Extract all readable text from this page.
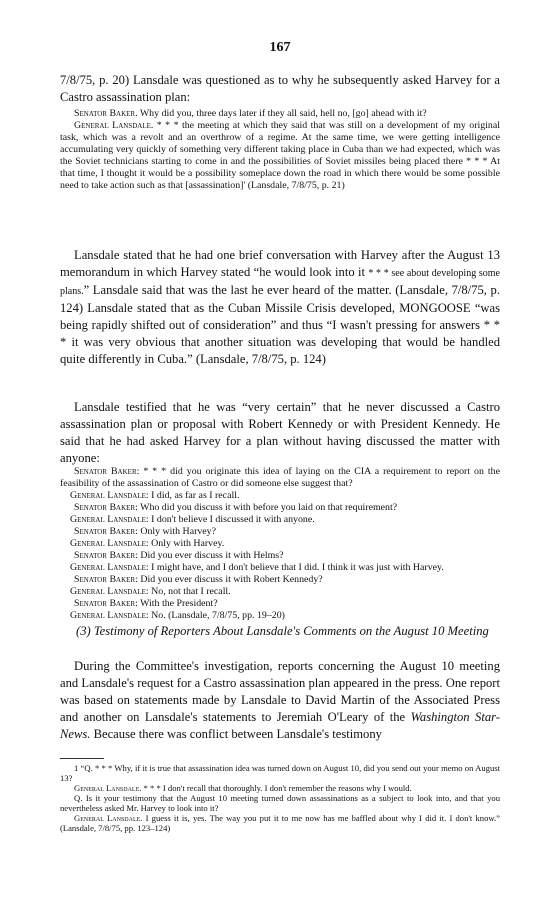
167
7/8/75, p. 20) Lansdale was questioned as to why he subsequently asked Harvey for a Castro assassination plan:
Senator Baker. Why did you, three days later if they all said, hell no, [go] ahead with it?
General Lansdale. * * * the meeting at which they said that was still on a development of my original task, which was a revolt and an overthrow of a regime. At the same time, we were getting intelligence accumulating very quickly of something very different taking place in Cuba than we had expected, which was the Soviet technicians starting to come in and the possibilities of Soviet missiles being placed there * * * At that time, I thought it would be a possibility someplace down the road in which there would be some possible need to take action such as that [assassination]' (Lansdale, 7/8/75, p. 21)
Lansdale stated that he had one brief conversation with Harvey after the August 13 memorandum in which Harvey stated “he would look into it * * * see about developing some plans.” Lansdale said that was the last he ever heard of the matter. (Lansdale, 7/8/75, p. 124) Lansdale stated that as the Cuban Missile Crisis developed, MONGOOSE “was being rapidly shifted out of consideration” and thus “I wasn't pressing for answers * * * it was very obvious that another situation was developing that would be handled quite differently in Cuba.” (Lansdale, 7/8/75, p. 124)
Lansdale testified that he was “very certain” that he never discussed a Castro assassination plan or proposal with Robert Kennedy or with President Kennedy. He said that he had asked Harvey for a plan without having discussed the matter with anyone:
Senator Baker: * * * did you originate this idea of laying on the CIA a requirement to report on the feasibility of the assassination of Castro or did someone else suggest that?
General Lansdale: I did, as far as I recall.
Senator Baker: Who did you discuss it with before you laid on that requirement?
General Lansdale: I don't believe I discussed it with anyone.
Senator Baker: Only with Harvey?
General Lansdale: Only with Harvey.
Senator Baker: Did you ever discuss it with Helms?
General Lansdale: I might have, and I don't believe that I did. I think it was just with Harvey.
Senator Baker: Did you ever discuss it with Robert Kennedy?
General Lansdale: No, not that I recall.
Senator Baker: With the President?
General Lansdale: No. (Lansdale, 7/8/75, pp. 19–20)
(3) Testimony of Reporters About Lansdale's Comments on the August 10 Meeting
During the Committee's investigation, reports concerning the August 10 meeting and Lansdale's request for a Castro assassination plan appeared in the press. One report was based on statements made by Lansdale to David Martin of the Associated Press and another on Lansdale's statements to Jeremiah O'Leary of the Washington Star-News. Because there was conflict between Lansdale's testimony
1 “Q. * * * Why, if it is true that assassination idea was turned down on August 10, did you send out your memo on August 13?
General Lansdale. * * * I don't recall that thoroughly. I don't remember the reasons why I would.
Q. Is it your testimony that the August 10 meeting turned down assassinations as a subject to look into, and that you nevertheless asked Mr. Harvey to look into it?
General Lansdale. I guess it is, yes. The way you put it to me now has me baffled about why I did it. I don't know.” (Lansdale, 7/8/75, pp. 123–124)
